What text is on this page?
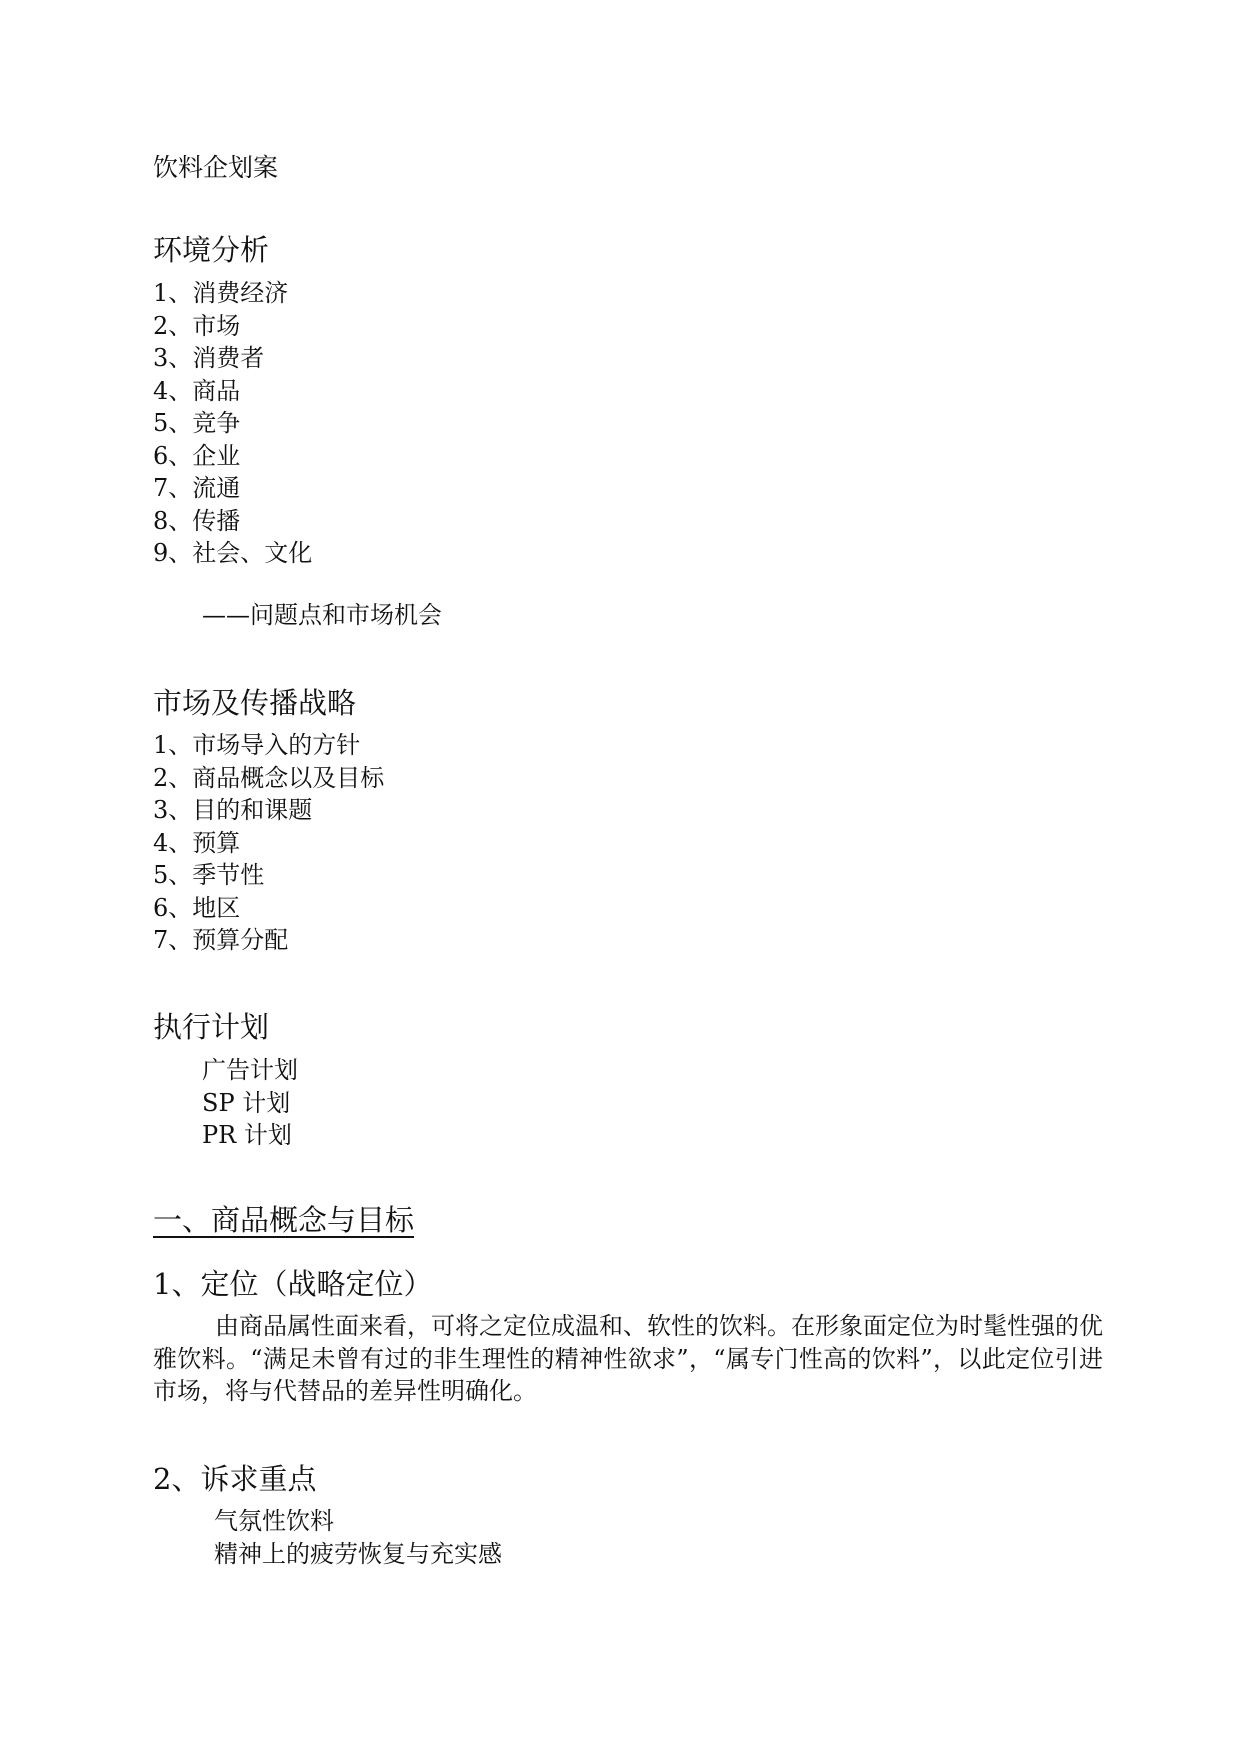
饮料企划案
环境分析
1、消费经济
2、市场
3、消费者
4、商品
5、竞争
6、企业
7、流通
8、传播
9、社会、文化
——问题点和市场机会
市场及传播战略
1、市场导入的方针
2、商品概念以及目标
3、目的和课题
4、预算
5、季节性
6、地区
7、预算分配
执行计划
广告计划
SP 计划
PR 计划
一、商品概念与目标
1、定位（战略定位）
由商品属性面来看，可将之定位成温和、软性的饮料。在形象面定位为时髦性强的优雅饮料。“满足未曾有过的非生理性的精神性欲求”，“属专门性高的饮料”，以此定位引进市场，将与代替品的差异性明确化。
2、诉求重点
气氛性饮料
精神上的疲劳恢复与充实感
